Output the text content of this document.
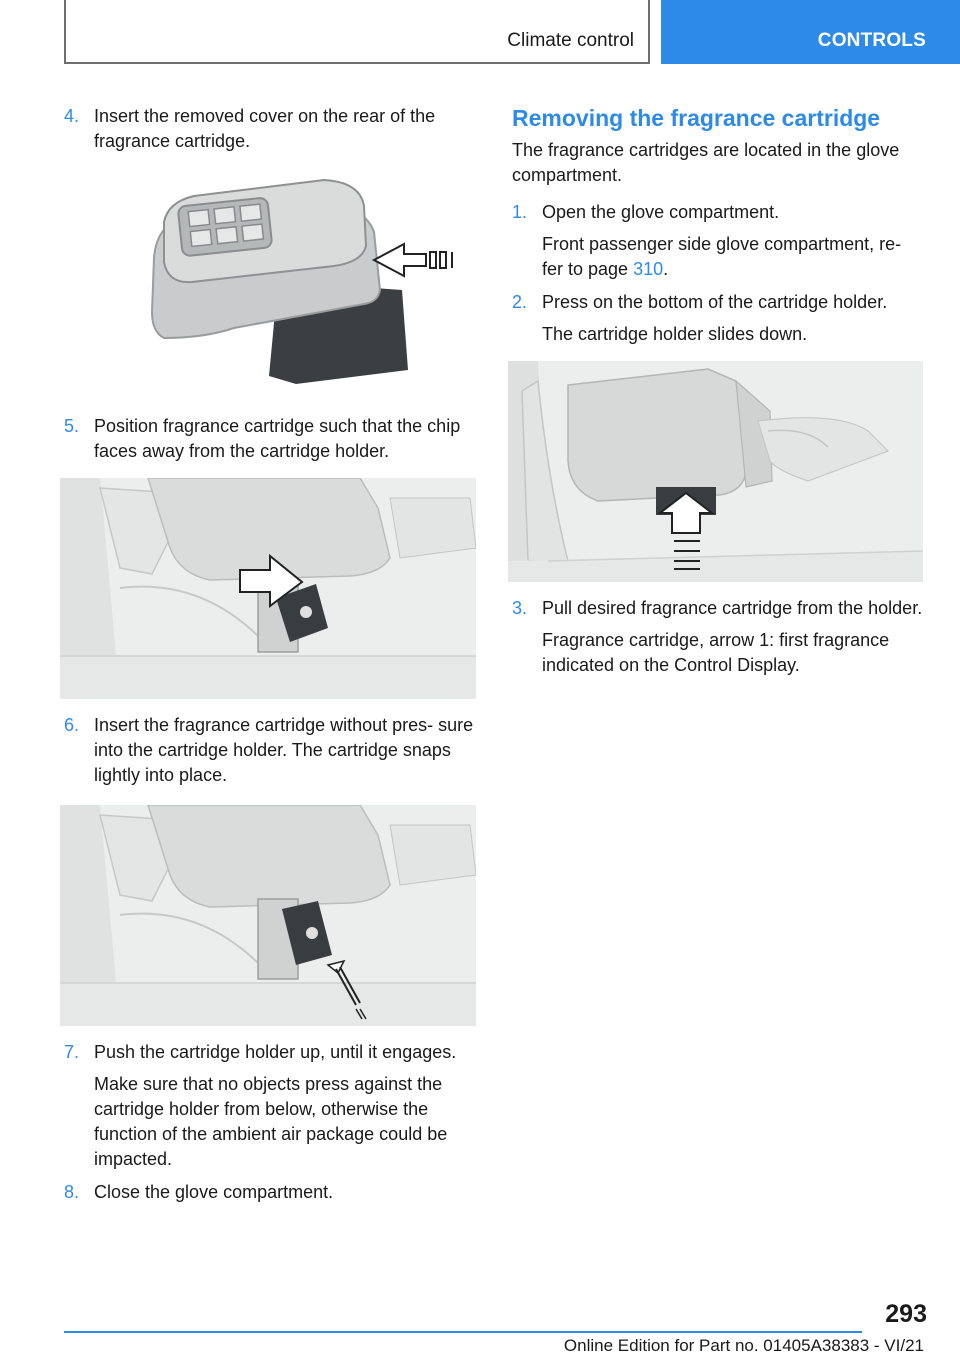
Climate control	CONTROLS
4. Insert the removed cover on the rear of the fragrance cartridge.
5. Position fragrance cartridge such that the chip faces away from the cartridge holder.
6. Insert the fragrance cartridge without pres‐ sure into the cartridge holder. The cartridge snaps lightly into place.
7. Push the cartridge holder up, until it engages.
Make sure that no objects press against the cartridge holder from below, otherwise the function of the ambient air package could be impacted.
8. Close the glove compartment.
Removing the fragrance cartridge
The fragrance cartridges are located in the glove compartment.
1. Open the glove compartment.
Front passenger side glove compartment, re‐ fer to page 310.
2. Press on the bottom of the cartridge holder.
The cartridge holder slides down.
3. Pull desired fragrance cartridge from the holder.
Fragrance cartridge, arrow 1: first fragrance indicated on the Control Display.
293
Online Edition for Part no. 01405A38383 - VI/21
